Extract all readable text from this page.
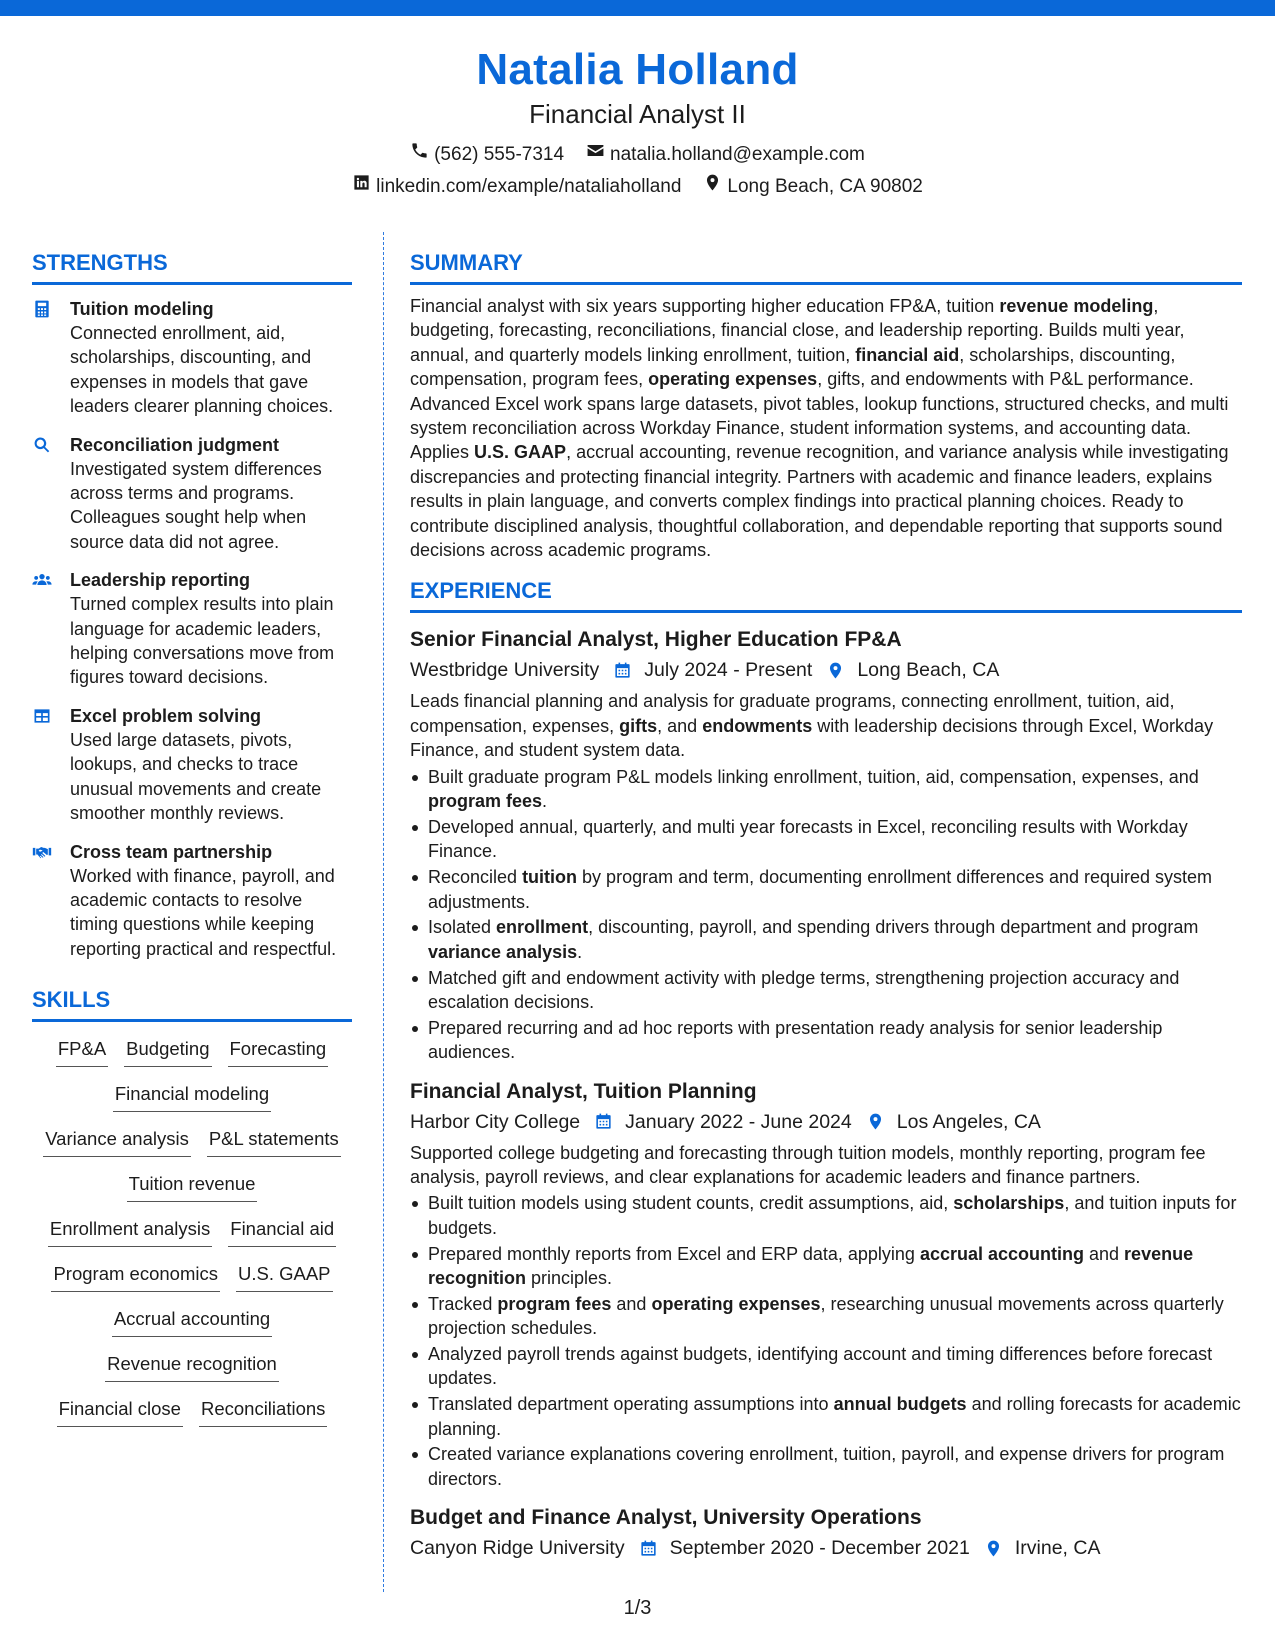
Natalia Holland
Financial Analyst II
(562) 555-7314 natalia.holland@example.com
linkedin.com/example/nataliaholland Long Beach, CA 90802
STRENGTHS
Tuition modeling
Connected enrollment, aid, scholarships, discounting, and expenses in models that gave leaders clearer planning choices.
Reconciliation judgment
Investigated system differences across terms and programs. Colleagues sought help when source data did not agree.
Leadership reporting
Turned complex results into plain language for academic leaders, helping conversations move from figures toward decisions.
Excel problem solving
Used large datasets, pivots, lookups, and checks to trace unusual movements and create smoother monthly reviews.
Cross team partnership
Worked with finance, payroll, and academic contacts to resolve timing questions while keeping reporting practical and respectful.
SKILLS
FP&A Budgeting Forecasting
Financial modeling
Variance analysis P&L statements
Tuition revenue
Enrollment analysis Financial aid
Program economics U.S. GAAP
Accrual accounting
Revenue recognition
Financial close Reconciliations
SUMMARY
Financial analyst with six years supporting higher education FP&A, tuition revenue modeling, budgeting, forecasting, reconciliations, financial close, and leadership reporting. Builds multi year, annual, and quarterly models linking enrollment, tuition, financial aid, scholarships, discounting, compensation, program fees, operating expenses, gifts, and endowments with P&L performance. Advanced Excel work spans large datasets, pivot tables, lookup functions, structured checks, and multi system reconciliation across Workday Finance, student information systems, and accounting data. Applies U.S. GAAP, accrual accounting, revenue recognition, and variance analysis while investigating discrepancies and protecting financial integrity. Partners with academic and finance leaders, explains results in plain language, and converts complex findings into practical planning choices. Ready to contribute disciplined analysis, thoughtful collaboration, and dependable reporting that supports sound decisions across academic programs.
EXPERIENCE
Senior Financial Analyst, Higher Education FP&A
Westbridge University July 2024 - Present Long Beach, CA
Leads financial planning and analysis for graduate programs, connecting enrollment, tuition, aid, compensation, expenses, gifts, and endowments with leadership decisions through Excel, Workday Finance, and student system data.
Built graduate program P&L models linking enrollment, tuition, aid, compensation, expenses, and program fees.
Developed annual, quarterly, and multi year forecasts in Excel, reconciling results with Workday Finance.
Reconciled tuition by program and term, documenting enrollment differences and required system adjustments.
Isolated enrollment, discounting, payroll, and spending drivers through department and program variance analysis.
Matched gift and endowment activity with pledge terms, strengthening projection accuracy and escalation decisions.
Prepared recurring and ad hoc reports with presentation ready analysis for senior leadership audiences.
Financial Analyst, Tuition Planning
Harbor City College January 2022 - June 2024 Los Angeles, CA
Supported college budgeting and forecasting through tuition models, monthly reporting, program fee analysis, payroll reviews, and clear explanations for academic leaders and finance partners.
Built tuition models using student counts, credit assumptions, aid, scholarships, and tuition inputs for budgets.
Prepared monthly reports from Excel and ERP data, applying accrual accounting and revenue recognition principles.
Tracked program fees and operating expenses, researching unusual movements across quarterly projection schedules.
Analyzed payroll trends against budgets, identifying account and timing differences before forecast updates.
Translated department operating assumptions into annual budgets and rolling forecasts for academic planning.
Created variance explanations covering enrollment, tuition, payroll, and expense drivers for program directors.
Budget and Finance Analyst, University Operations
Canyon Ridge University September 2020 - December 2021 Irvine, CA
1/3
